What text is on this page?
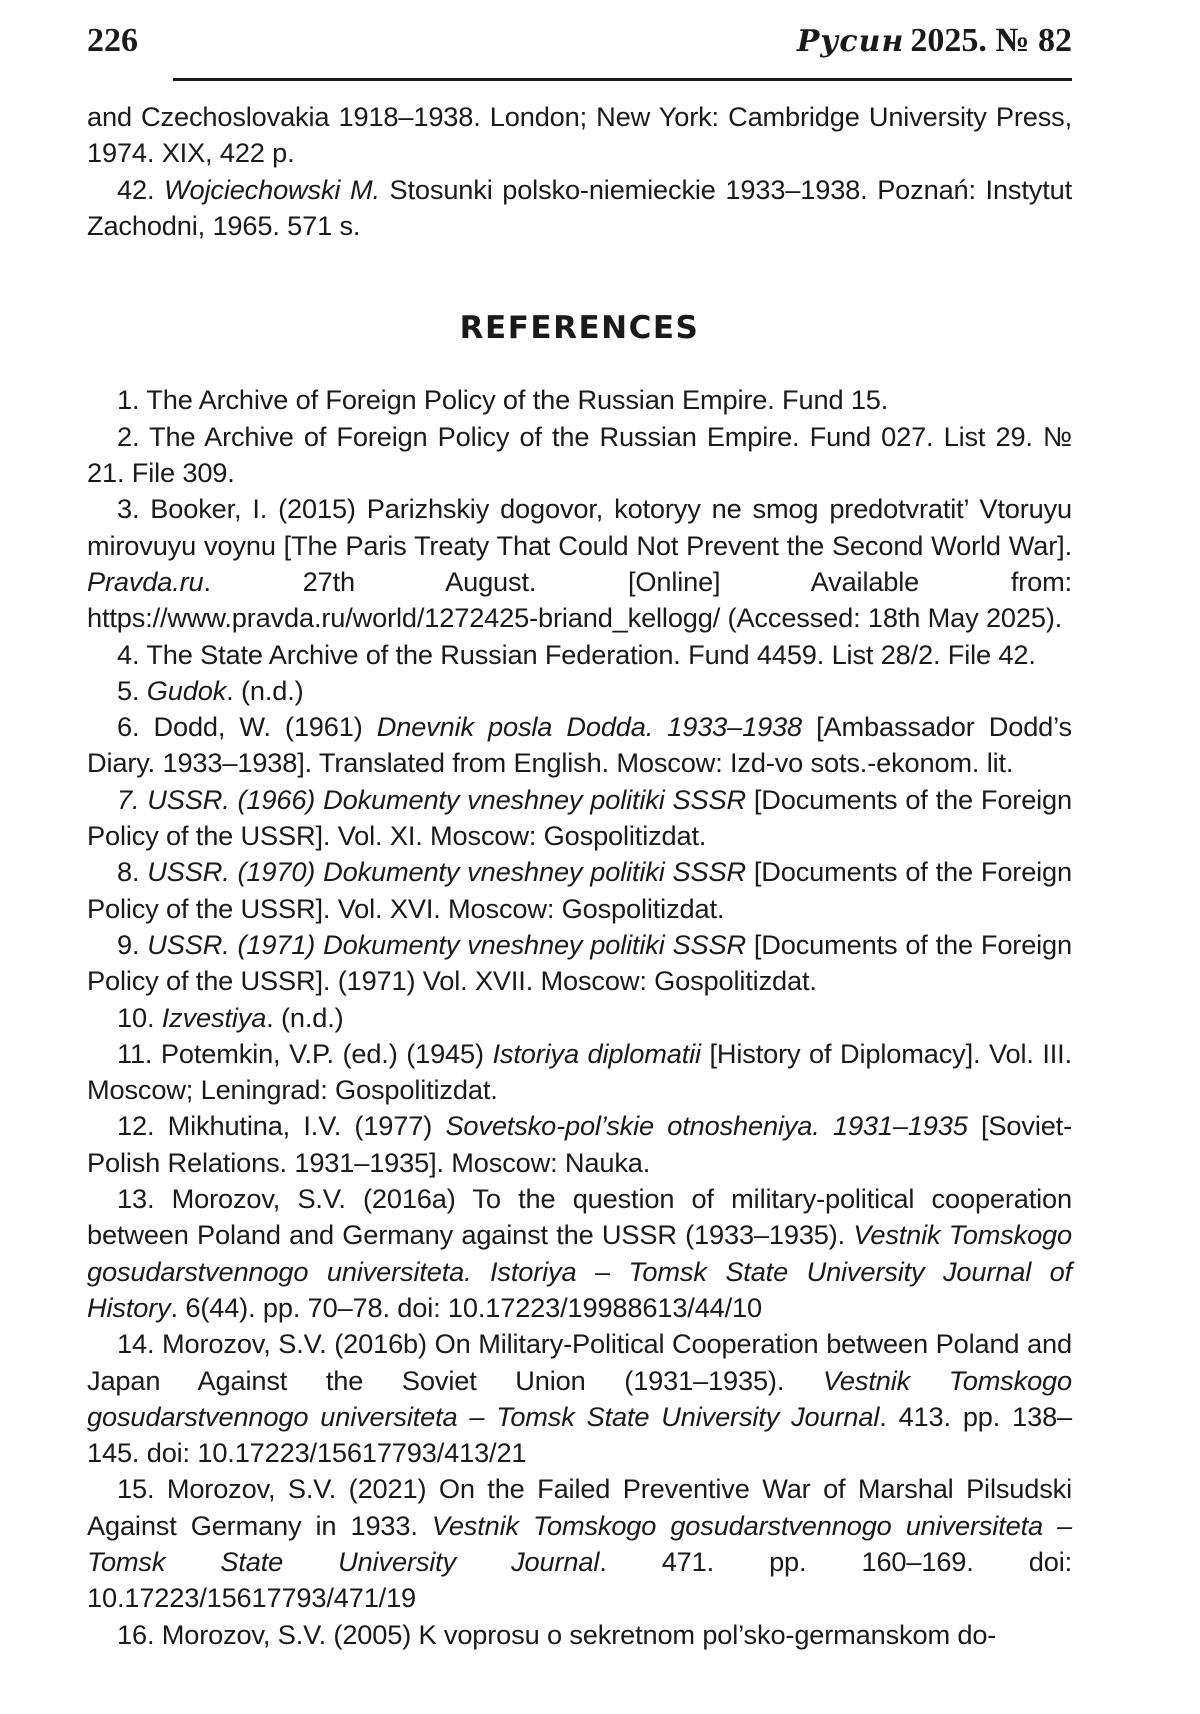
226	Русин 2025. № 82

and Czechoslovakia 1918–1938. London; New York: Cambridge University Press, 1974. XIX, 422 p.

42. Wojciechowski M. Stosunki polsko-niemieckie 1933–1938. Poznań: Instytut Zachodni, 1965. 571 s.

REFERENCES

1. The Archive of Foreign Policy of the Russian Empire. Fund 15.

2. The Archive of Foreign Policy of the Russian Empire. Fund 027. List 29. № 21. File 309.

3. Booker, I. (2015) Parizhskiy dogovor, kotoryy ne smog predotvratit’ Vtoruyu mirovuyu voynu [The Paris Treaty That Could Not Prevent the Second World War]. Pravda.ru. 27th August. [Online] Available from: https://www.pravda.ru/world/1272425-briand_kellogg/ (Accessed: 18th May 2025).

4. The State Archive of the Russian Federation. Fund 4459. List 28/2. File 42.

5. Gudok. (n.d.)

6. Dodd, W. (1961) Dnevnik posla Dodda. 1933–1938 [Ambassador Dodd’s Diary. 1933–1938]. Translated from English. Moscow: Izd-vo sots.-ekonom. lit.

7. USSR. (1966) Dokumenty vneshney politiki SSSR [Documents of the Foreign Policy of the USSR]. Vol. XI. Moscow: Gospolitizdat.

8. USSR. (1970) Dokumenty vneshney politiki SSSR [Documents of the Foreign Policy of the USSR]. Vol. XVI. Moscow: Gospolitizdat.

9. USSR. (1971) Dokumenty vneshney politiki SSSR [Documents of the Foreign Policy of the USSR]. (1971) Vol. XVII. Moscow: Gospolitizdat.

10. Izvestiya. (n.d.)

11. Potemkin, V.P. (ed.) (1945) Istoriya diplomatii [History of Diplomacy]. Vol. III. Moscow; Leningrad: Gospolitizdat.

12. Mikhutina, I.V. (1977) Sovetsko-pol’skie otnosheniya. 1931–1935 [Soviet-Polish Relations. 1931–1935]. Moscow: Nauka.

13. Morozov, S.V. (2016a) To the question of military-political cooperation between Poland and Germany against the USSR (1933–1935). Vestnik Tomskogo gosudarstvennogo universiteta. Istoriya – Tomsk State University Journal of History. 6(44). pp. 70–78. doi: 10.17223/19988613/44/10

14. Morozov, S.V. (2016b) On Military-Political Cooperation between Poland and Japan Against the Soviet Union (1931–1935). Vestnik Tomskogo gosudarstvennogo universiteta – Tomsk State University Journal. 413. pp. 138–145. doi: 10.17223/15617793/413/21

15. Morozov, S.V. (2021) On the Failed Preventive War of Marshal Pilsudski Against Germany in 1933. Vestnik Tomskogo gosudarstvennogo universiteta – Tomsk State University Journal. 471. pp. 160–169. doi: 10.17223/15617793/471/19

16. Morozov, S.V. (2005) K voprosu o sekretnom pol’sko-germanskom do-
